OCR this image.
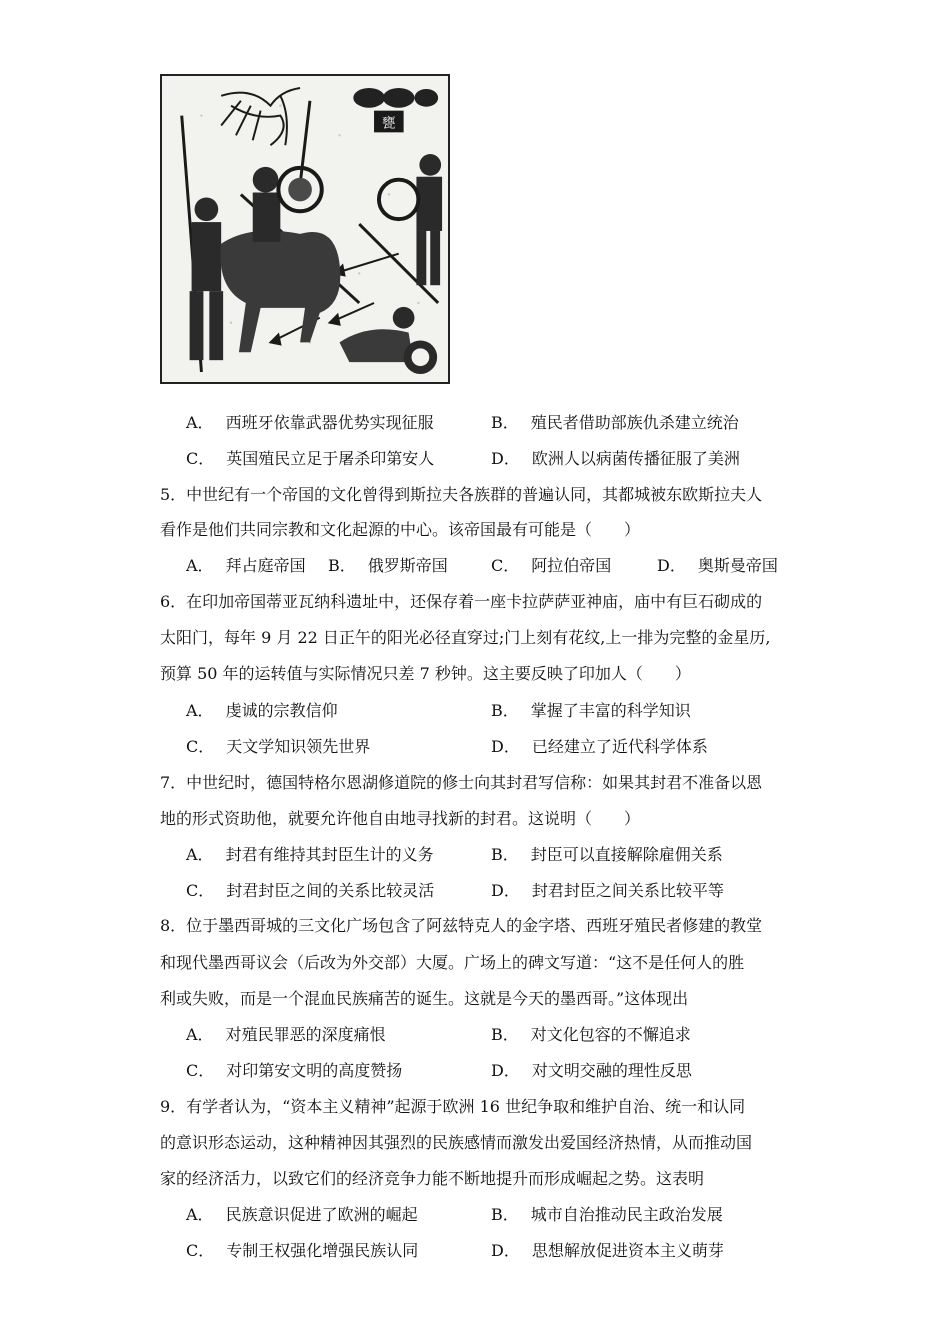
甕
A． 西班牙依靠武器优势实现征服	B． 殖民者借助部族仇杀建立统治
C． 英国殖民立足于屠杀印第安人	D． 欧洲人以病菌传播征服了美洲
5．中世纪有一个帝国的文化曾得到斯拉夫各族群的普遍认同，其都城被东欧斯拉夫人
看作是他们共同宗教和文化起源的中心。该帝国最有可能是（　　）
A． 拜占庭帝国 B． 俄罗斯帝国	C． 阿拉伯帝国	D． 奥斯曼帝国
6．在印加帝国蒂亚瓦纳科遗址中，还保存着一座卡拉萨萨亚神庙，庙中有巨石砌成的
太阳门，每年 9 月 22 日正午的阳光必径直穿过;门上刻有花纹,上一排为完整的金星历,
预算 50 年的运转值与实际情况只差 7 秒钟。这主要反映了印加人（　　）
A． 虔诚的宗教信仰	B． 掌握了丰富的科学知识
C． 天文学知识领先世界	D． 已经建立了近代科学体系
7．中世纪时，德国特格尔恩湖修道院的修士向其封君写信称：如果其封君不准备以恩
地的形式资助他，就要允许他自由地寻找新的封君。这说明（　　）
A． 封君有维持其封臣生计的义务	B． 封臣可以直接解除雇佣关系
C． 封君封臣之间的关系比较灵活	D． 封君封臣之间关系比较平等
8．位于墨西哥城的三文化广场包含了阿兹特克人的金字塔、西班牙殖民者修建的教堂
和现代墨西哥议会（后改为外交部）大厦。广场上的碑文写道：“这不是任何人的胜
利或失败，而是一个混血民族痛苦的诞生。这就是今天的墨西哥。”这体现出
A． 对殖民罪恶的深度痛恨	B． 对文化包容的不懈追求
C． 对印第安文明的高度赞扬	D． 对文明交融的理性反思
9．有学者认为，“资本主义精神”起源于欧洲 16 世纪争取和维护自治、统一和认同
的意识形态运动，这种精神因其强烈的民族感情而激发出爱国经济热情，从而推动国
家的经济活力，以致它们的经济竞争力能不断地提升而形成崛起之势。这表明
A． 民族意识促进了欧洲的崛起	B． 城市自治推动民主政治发展
C． 专制王权强化增强民族认同	D． 思想解放促进资本主义萌芽
